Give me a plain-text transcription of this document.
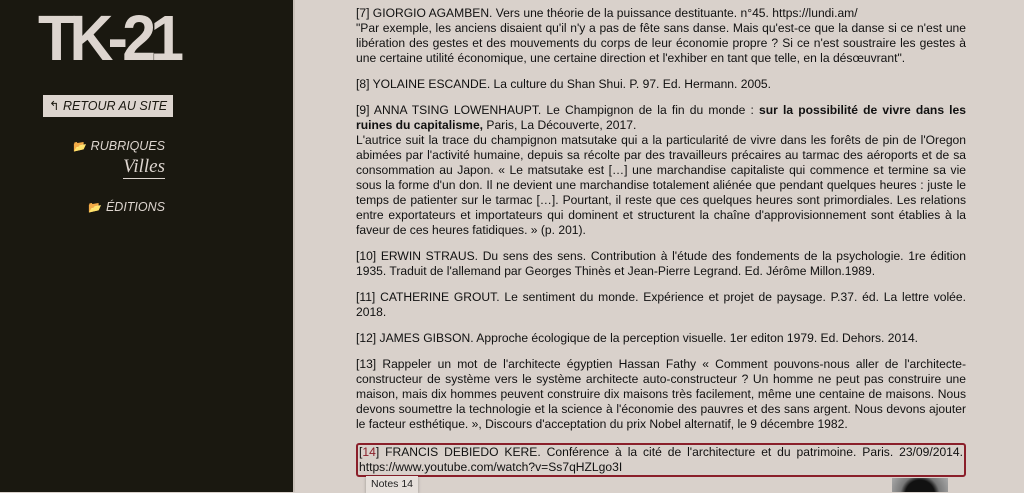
TK-21
↰ RETOUR AU SITE
📂 RUBRIQUES
Villes
📂 ÉDITIONS

[7] GIORGIO AGAMBEN. Vers une théorie de la puissance destituante. n°45. https://lundi.am/
"Par exemple, les anciens disaient qu'il n'y a pas de fête sans danse. Mais qu'est-ce que la danse si ce n'est une libération des gestes et des mouvements du corps de leur économie propre ? Si ce n'est soustraire les gestes à une certaine utilité économique, une certaine direction et l'exhiber en tant que telle, en la désœuvrant".

[8] YOLAINE ESCANDE. La culture du Shan Shui. P. 97. Ed. Hermann. 2005.

[9] ANNA TSING LOWENHAUPT. Le Champignon de la fin du monde : sur la possibilité de vivre dans les ruines du capitalisme, Paris, La Découverte, 2017.
L'autrice suit la trace du champignon matsutake qui a la particularité de vivre dans les forêts de pin de l'Oregon abimées par l'activité humaine, depuis sa récolte par des travailleurs précaires au tarmac des aéroports et de sa consommation au Japon. « Le matsutake est […] une marchandise capitaliste qui commence et termine sa vie sous la forme d'un don. Il ne devient une marchandise totalement aliénée que pendant quelques heures : juste le temps de patienter sur le tarmac […]. Pourtant, il reste que ces quelques heures sont primordiales. Les relations entre exportateurs et importateurs qui dominent et structurent la chaîne d'approvisionnement sont établies à la faveur de ces heures fatidiques. » (p. 201).

[10] ERWIN STRAUS. Du sens des sens. Contribution à l'étude des fondements de la psychologie. 1re édition 1935. Traduit de l'allemand par Georges Thinès et Jean-Pierre Legrand. Ed. Jérôme Millon.1989.

[11] CATHERINE GROUT. Le sentiment du monde. Expérience et projet de paysage. P.37. éd. La lettre volée. 2018.

[12] JAMES GIBSON. Approche écologique de la perception visuelle. 1er editon 1979. Ed. Dehors. 2014.

[13] Rappeler un mot de l'architecte égyptien Hassan Fathy « Comment pouvons-nous aller de l'architecte-constructeur de système vers le système architecte auto-constructeur ? Un homme ne peut pas construire une maison, mais dix hommes peuvent construire dix maisons très facilement, même une centaine de maisons. Nous devons soumettre la technologie et la science à l'économie des pauvres et des sans argent. Nous devons ajouter le facteur esthétique. », Discours d'acceptation du prix Nobel alternatif, le 9 décembre 1982.

[14] FRANCIS DEBIEDO KERE. Conférence à la cité de l'architecture et du patrimoine. Paris. 23/09/2014. https://www.youtube.com/watch?v=Ss7qHZLgo3I
Notes 14
